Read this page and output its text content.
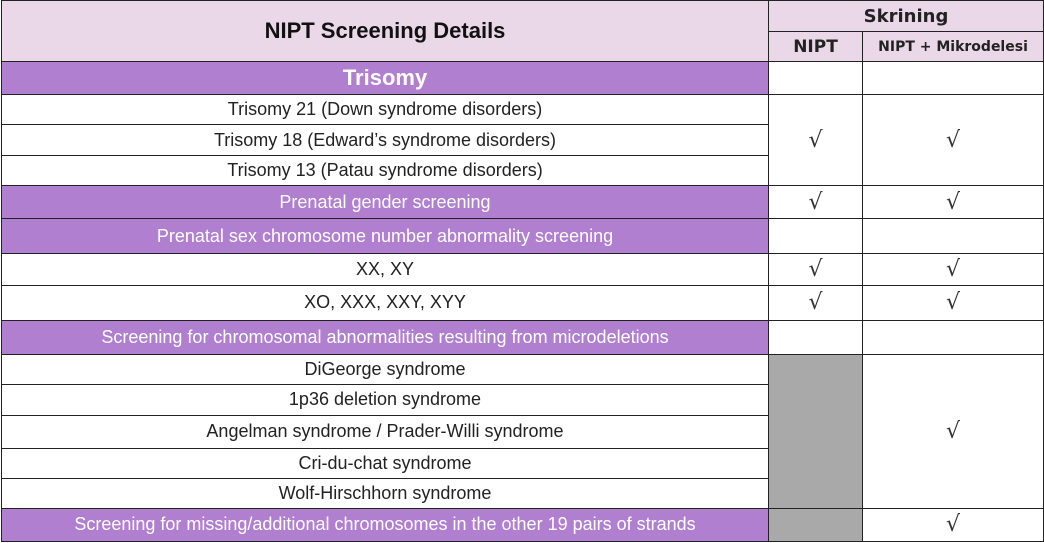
NIPT Screening Details	Skrining	
	NIPT	NIPT + Mikrodelesi
Trisomy		
Trisomy 21 (Down syndrome disorders)	√	√
Trisomy 18 (Edward’s syndrome disorders)		
Trisomy 13 (Patau syndrome disorders)		
Prenatal gender screening	√	√
Prenatal sex chromosome number abnormality screening		
XX, XY	√	√
XO, XXX, XXY, XYY	√	√
Screening for chromosomal abnormalities resulting from microdeletions		
DiGeorge syndrome		√
1p36 deletion syndrome		
Angelman syndrome / Prader-Willi syndrome		
Cri-du-chat syndrome		
Wolf-Hirschhorn syndrome		
Screening for missing/additional chromosomes in the other 19 pairs of strands		√
